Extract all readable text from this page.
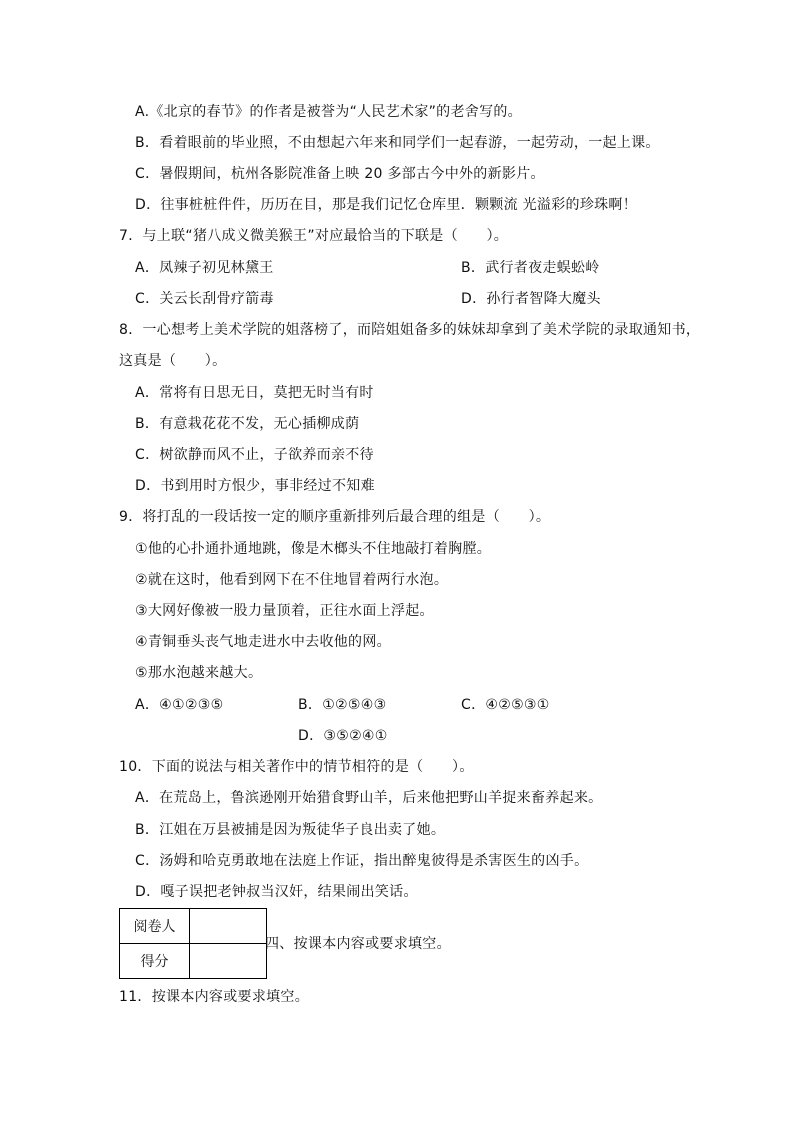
A.《北京的春节》的作者是被誉为“人民艺术家”的老舍写的。
B．看着眼前的毕业照，不由想起六年来和同学们一起春游，一起劳动，一起上课。
C．暑假期间，杭州各影院准备上映 20 多部古今中外的新影片。
D．往事桩桩件件，历历在目，那是我们记忆仓库里．颗颗流 光溢彩的珍珠啊！
7．与上联“猪八成义微美猴王”对应最恰当的下联是（　　）。
A．凤辣子初见林黛王	B．武行者夜走蜈蚣岭
C．关云长刮骨疗箭毒	D．孙行者智降大魔头
8．一心想考上美术学院的姐落榜了，而陪姐姐备多的妹妹却拿到了美术学院的录取通知书，
这真是（　　）。
A．常将有日思无日，莫把无时当有时
B．有意栽花花不发，无心插柳成荫
C．树欲静而风不止，子欲养而亲不待
D．书到用时方恨少，事非经过不知难
9．将打乱的一段话按一定的顺序重新排列后最合理的组是（　　）。
①他的心扑通扑通地跳，像是木榔头不住地敲打着胸膛。
②就在这时，他看到网下在不住地冒着两行水泡。
③大网好像被一股力量顶着，正往水面上浮起。
④青铜垂头丧气地走进水中去收他的网。
⑤那水泡越来越大。
A．④①②③⑤	B．①②⑤④③	C．④②⑤③①
D．③⑤②④①
10．下面的说法与相关著作中的情节相符的是（　　）。
A．在荒岛上，鲁滨逊刚开始猎食野山羊，后来他把野山羊捉来畜养起来。
B．江姐在万县被捕是因为叛徒华子良出卖了她。
C．汤姆和哈克勇敢地在法庭上作证，指出醉鬼彼得是杀害医生的凶手。
D．嘎子误把老钟叔当汉奸，结果闹出笑话。
阅卷人	
得分	
四、按课本内容或要求填空。
11．按课本内容或要求填空。
